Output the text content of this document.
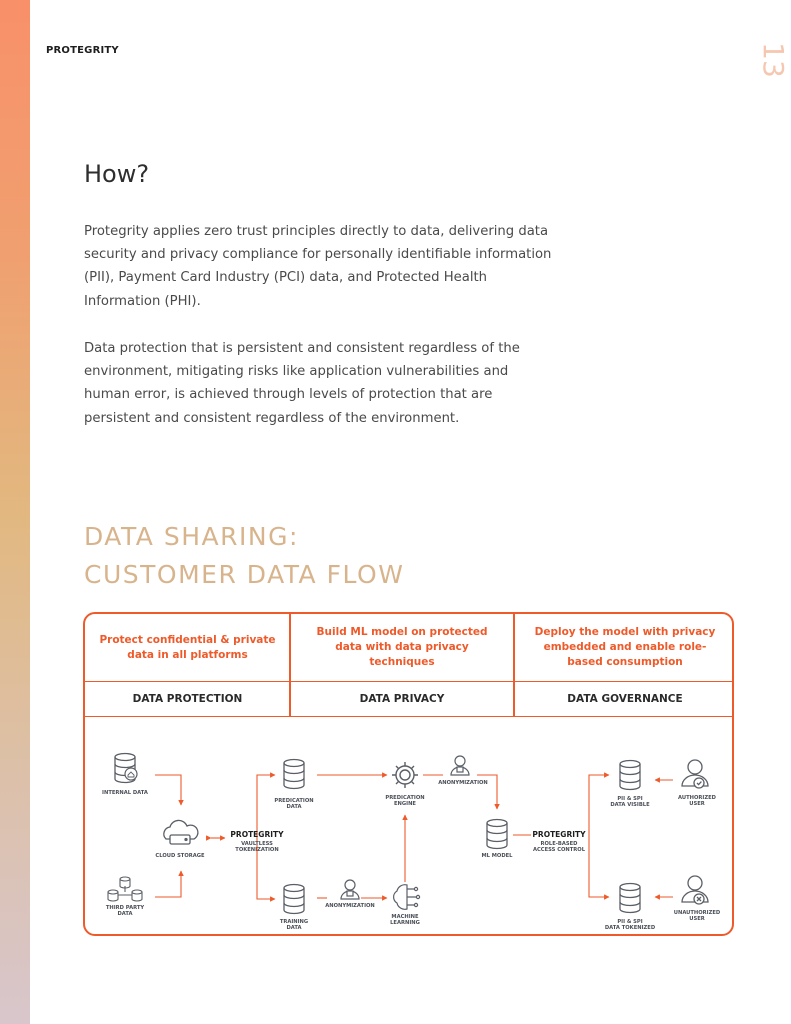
PROTEGRITY	13
How?

Protegrity applies zero trust principles directly to data, delivering data security and privacy compliance for personally identifiable information (PII), Payment Card Industry (PCI) data, and Protected Health Information (PHI).

Data protection that is persistent and consistent regardless of the environment, mitigating risks like application vulnerabilities and human error, is achieved through levels of protection that are persistent and consistent regardless of the environment.

DATA SHARING:
CUSTOMER DATA FLOW
Protect confidential & private data in all platforms
Build ML model on protected data with data privacy techniques
Deploy the model with privacy embedded and enable role-based consumption
DATA PROTECTION	DATA PRIVACY	DATA GOVERNANCE
INTERNAL DATA
THIRD PARTY
DATA
CLOUD STORAGE
PROTEGRITY
VAULTLESS
TOKENIZATION
PREDICATION
DATA
TRAINING
DATA
ANONYMIZATION
PREDICATION
ENGINE
MACHINE
LEARNING
ANONYMIZATION
ML MODEL
PROTEGRITY
ROLE-BASED
ACCESS CONTROL
PII & SPI
DATA VISIBLE
PII & SPI
DATA TOKENIZED
AUTHORIZED
USER
UNAUTHORIZED
USER
